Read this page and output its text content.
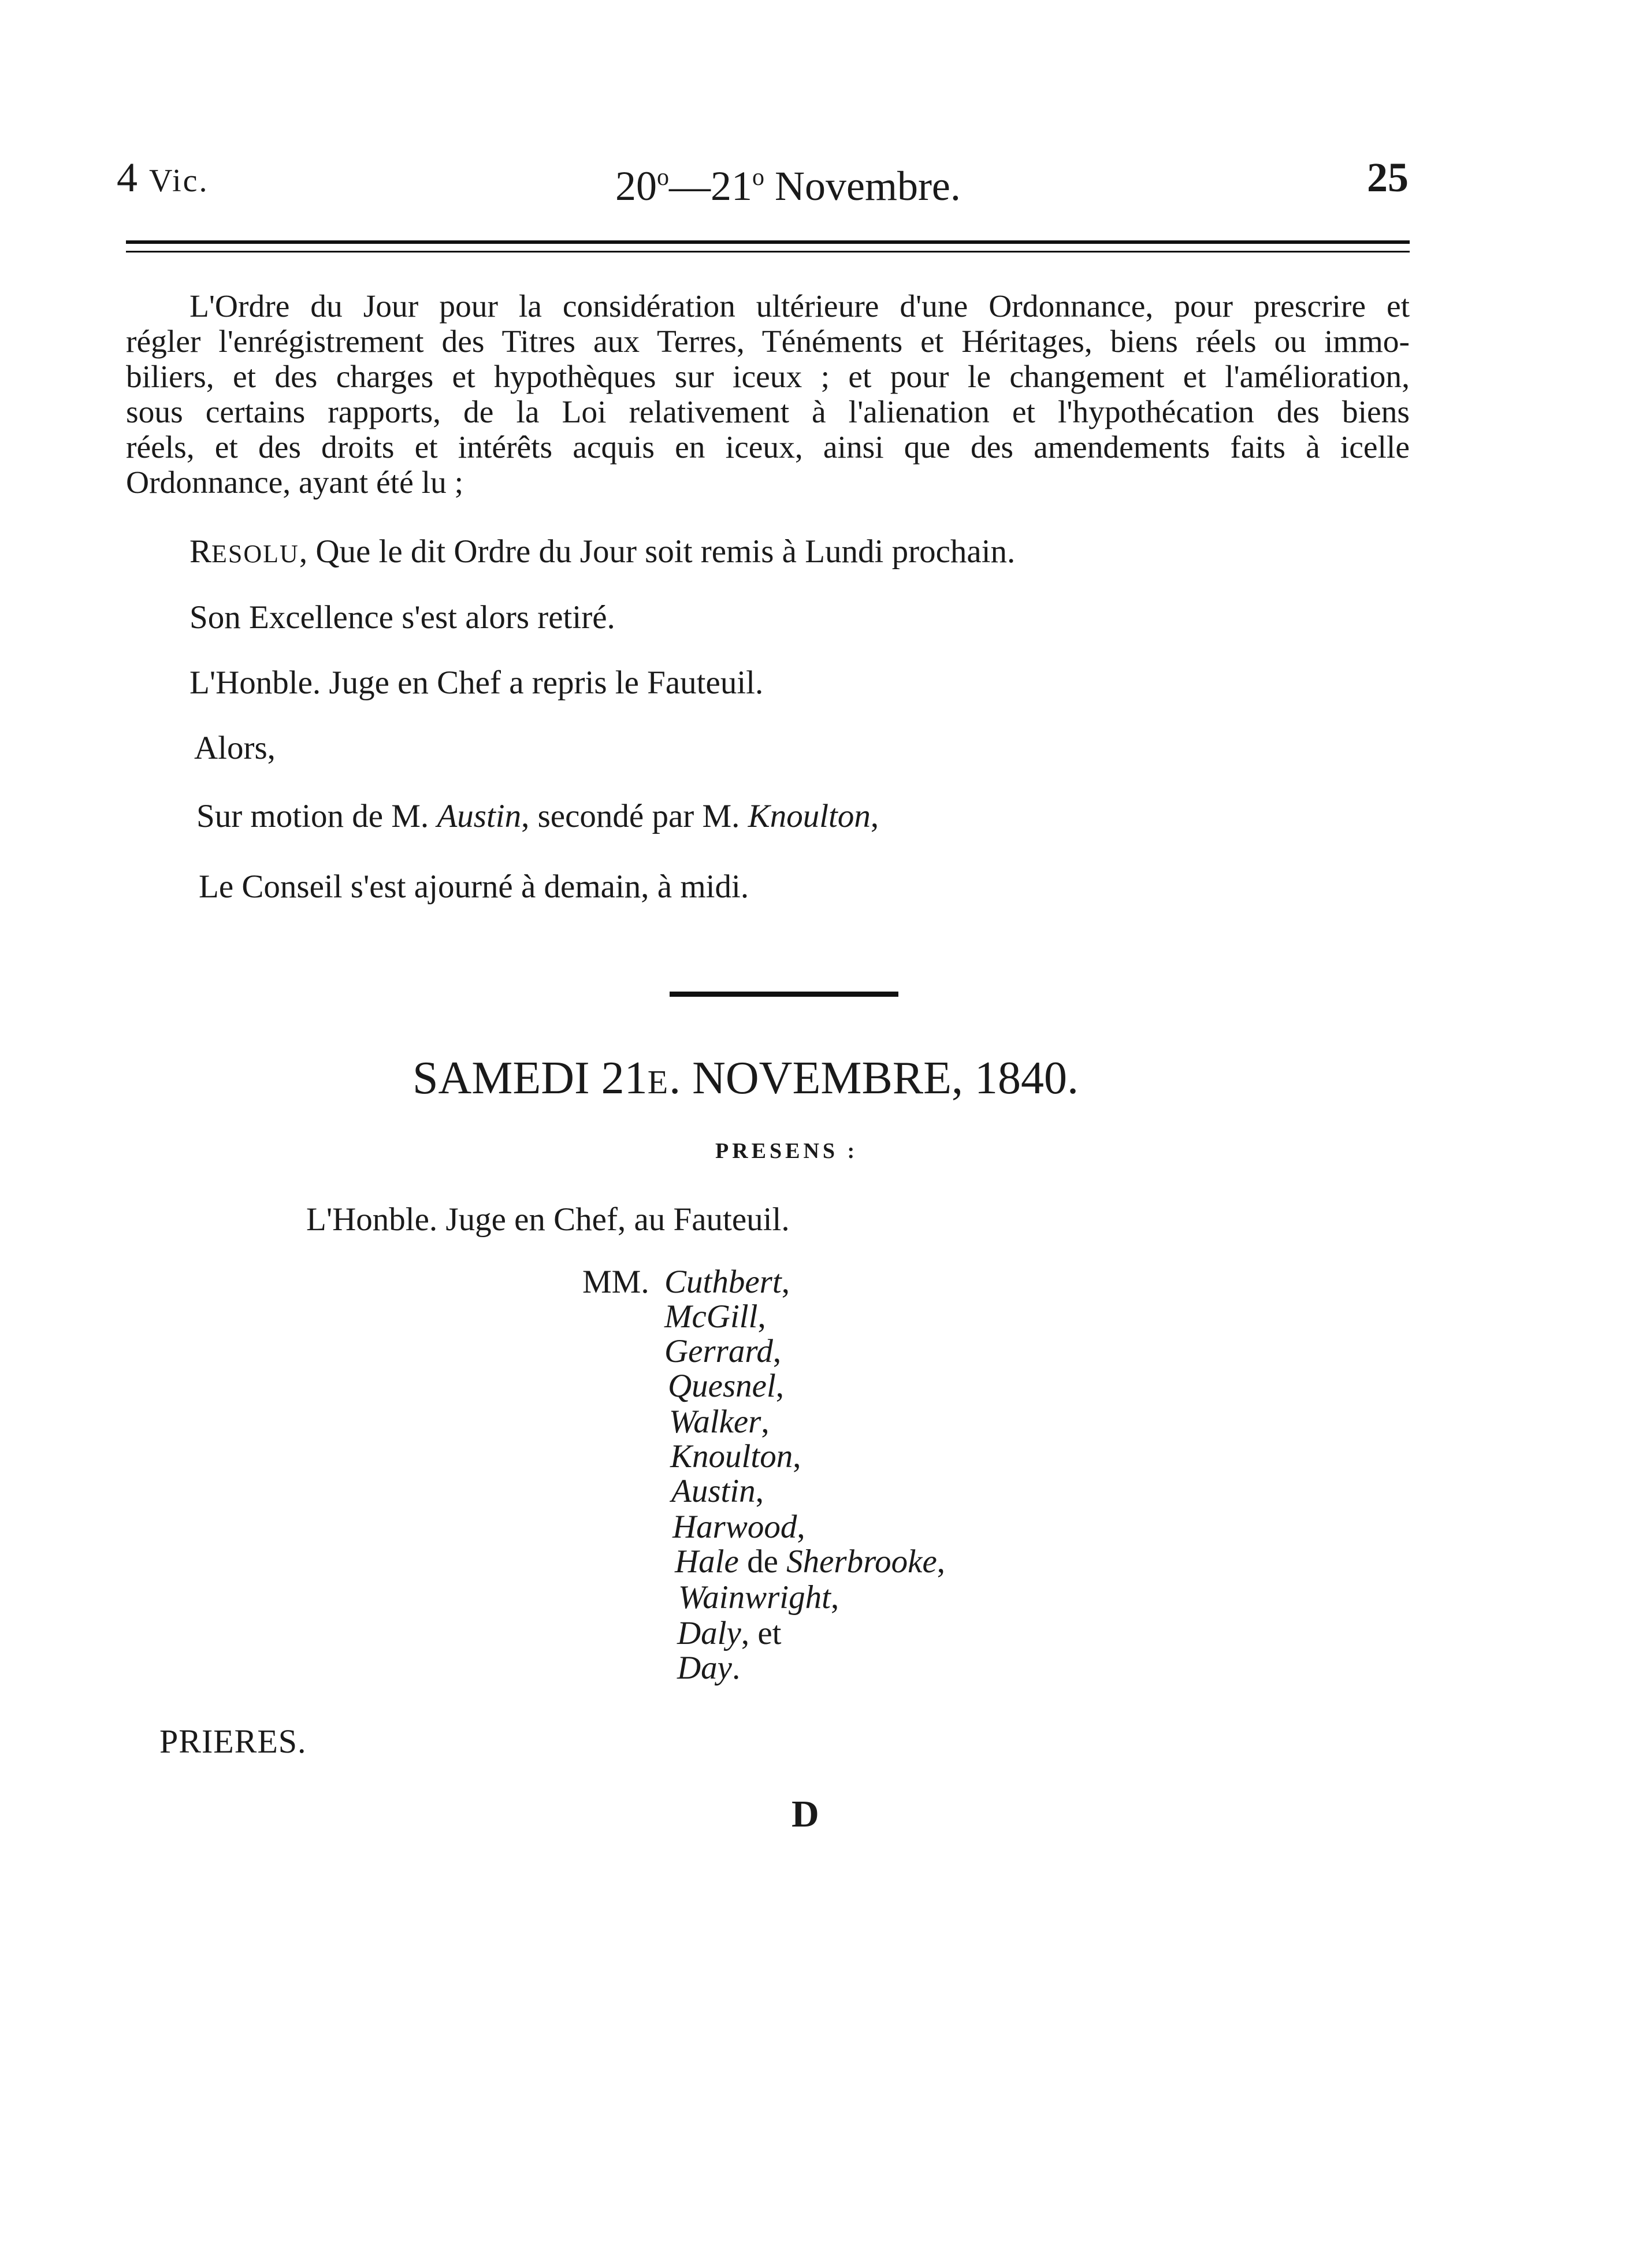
4 Vic.	20$^o$—21$^o$ Novembre.	25
L'Ordre du Jour pour la considération ultérieure d'une Ordonnance, pour prescrire et
régler l'enrégistrement des Titres aux Terres, Ténéments et Héritages, biens réels ou immo-
biliers, et des charges et hypothèques sur iceux ; et pour le changement et l'amélioration,
sous certains rapports, de la Loi relativement à l'alienation et l'hypothécation des biens
réels, et des droits et intérêts acquis en iceux, ainsi que des amendements faits à icelle
Ordonnance, ayant été lu ;
RESOLU, Que le dit Ordre du Jour soit remis à Lundi prochain.
Son Excellence s'est alors retiré.
L'Honble. Juge en Chef a repris le Fauteuil.
Alors,
Sur motion de M. Austin, secondé par M. Knoulton,
Le Conseil s'est ajourné à demain, à midi.
SAMEDI 21E. NOVEMBRE, 1840.
PRESENS :
L'Honble. Juge en Chef, au Fauteuil.
MM. Cuthbert,
McGill,
Gerrard,
Quesnel,
Walker,
Knoulton,
Austin,
Harwood,
Hale de Sherbrooke,
Wainwright,
Daly, et
Day.
PRIERES.
D
